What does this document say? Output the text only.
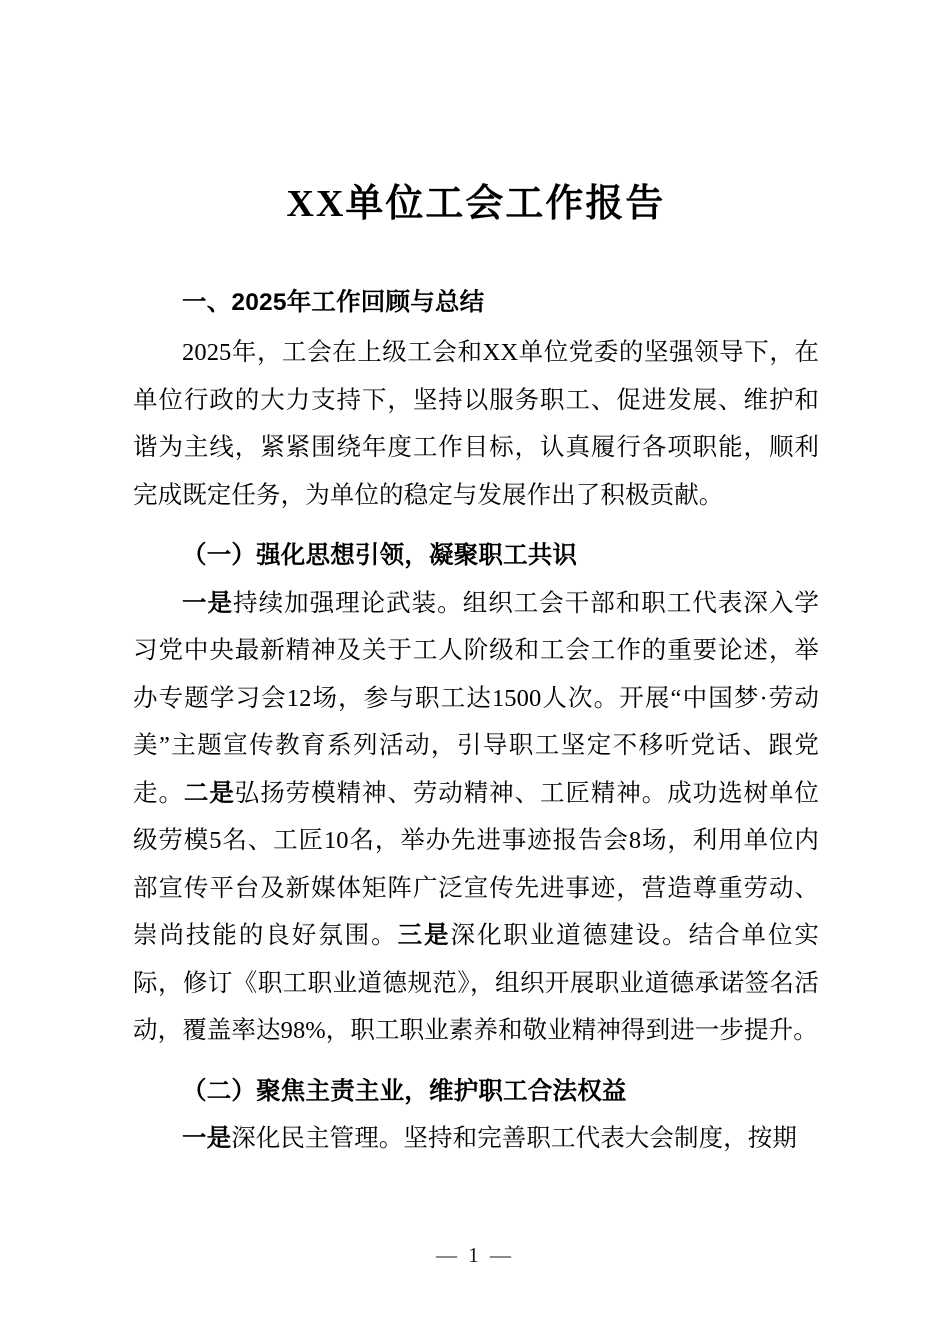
XX单位工会工作报告
一、2025年工作回顾与总结

2025年，工会在上级工会和XX单位党委的坚强领导下，在单位行政的大力支持下，坚持以服务职工、促进发展、维护和谐为主线，紧紧围绕年度工作目标，认真履行各项职能，顺利完成既定任务，为单位的稳定与发展作出了积极贡献。

（一）强化思想引领，凝聚职工共识

一是持续加强理论武装。组织工会干部和职工代表深入学习党中央最新精神及关于工人阶级和工会工作的重要论述，举办专题学习会12场，参与职工达1500人次。开展“中国梦·劳动美”主题宣传教育系列活动，引导职工坚定不移听党话、跟党走。二是弘扬劳模精神、劳动精神、工匠精神。成功选树单位级劳模5名、工匠10名，举办先进事迹报告会8场，利用单位内部宣传平台及新媒体矩阵广泛宣传先进事迹，营造尊重劳动、崇尚技能的良好氛围。三是深化职业道德建设。结合单位实际，修订《职工职业道德规范》，组织开展职业道德承诺签名活动，覆盖率达98%，职工职业素养和敬业精神得到进一步提升。

（二）聚焦主责主业，维护职工合法权益

一是深化民主管理。坚持和完善职工代表大会制度，按期

— 1 —
